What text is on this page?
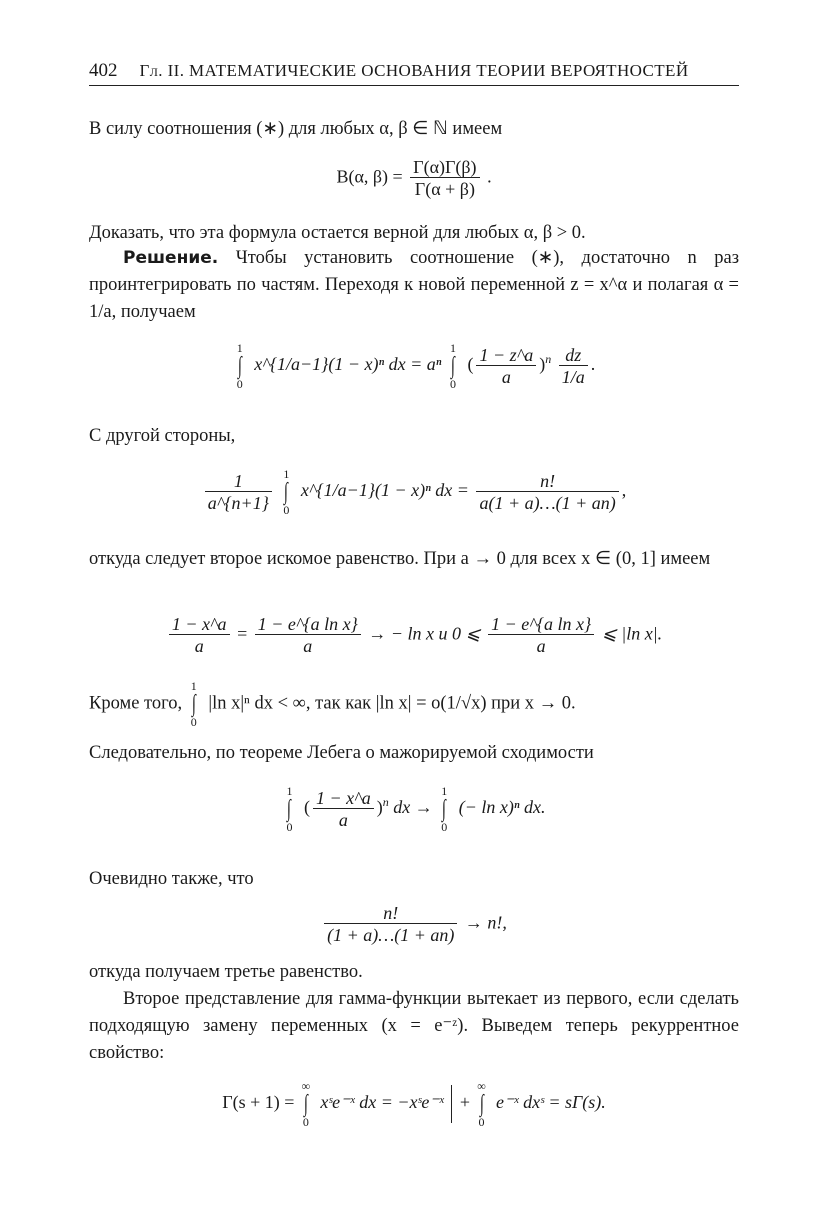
402 Гл. II. МАТЕМАТИЧЕСКИЕ ОСНОВАНИЯ ТЕОРИИ ВЕРОЯТНОСТЕЙ

В силу соотношения (∗) для любых α, β ∈ ℕ имеем

B(α, $\beta) = \frac{\Gamma(\alpha)\Gamma(\beta)}{\Gamma(\alpha + \beta)}$ .

Доказать, что эта формула остается верной для любых α, β > 0.

Решение. Чтобы установить соотношение (∗), достаточно n раз проинтегрировать по частям. Переходя к новой переменной z = x^α и полагая α = 1/a, получаем

1
∫
0
x^{1/a−1}(1 − x)ⁿ dx = aⁿ
1
∫
0
( $\frac{1 - z\^{}a}{a} )^n \frac{dz}{1/a}$ .

С другой стороны,

$\frac{1}{a\^{}\{n+1\}}$
1
∫
0
x^{1/a−1}(1 − x)ⁿ dx = $\frac{n!}{a(1 + a)\dots(1 + an)}$ ,

откуда следует второе искомое равенство. При a → 0 для всех x ∈ (0, 1] имеем

$\frac{1 - x\^{}a}{a} = \frac{\text{1 − e\textasciicircum{}\{a ln x\}}}{a}$ → − ln x и 0 ⩽ $\frac{\text{1 − e\textasciicircum{}\{a ln x\}}}{a}$ ⩽ |ln x|.
Кроме того,
1
∫
0
|ln x|ⁿ dx < ∞, так как |ln x| = o(1/√x) при x → 0.

Следовательно, по теореме Лебега о мажорируемой сходимости

1
∫
0
( $\frac{1 - x\^{}a}{a} )^n$ dx →
1
∫
0
(− ln x)ⁿ dx.

Очевидно также, что

$\frac{n!}{(1 + a)\dots(1 + an)} \to n$!,

откуда получаем третье равенство.

Второе представление для гамма-функции вытекает из первого, если сделать подходящую замену переменных (x = e⁻ᶻ). Выведем теперь рекуррентное свойство:

Γ(s + 1) =
∞
∫
0
xˢe⁻ˣ dx = −xˢe⁻ˣ +
∞
∫
0
e⁻ˣ dxˢ = sΓ(s).
